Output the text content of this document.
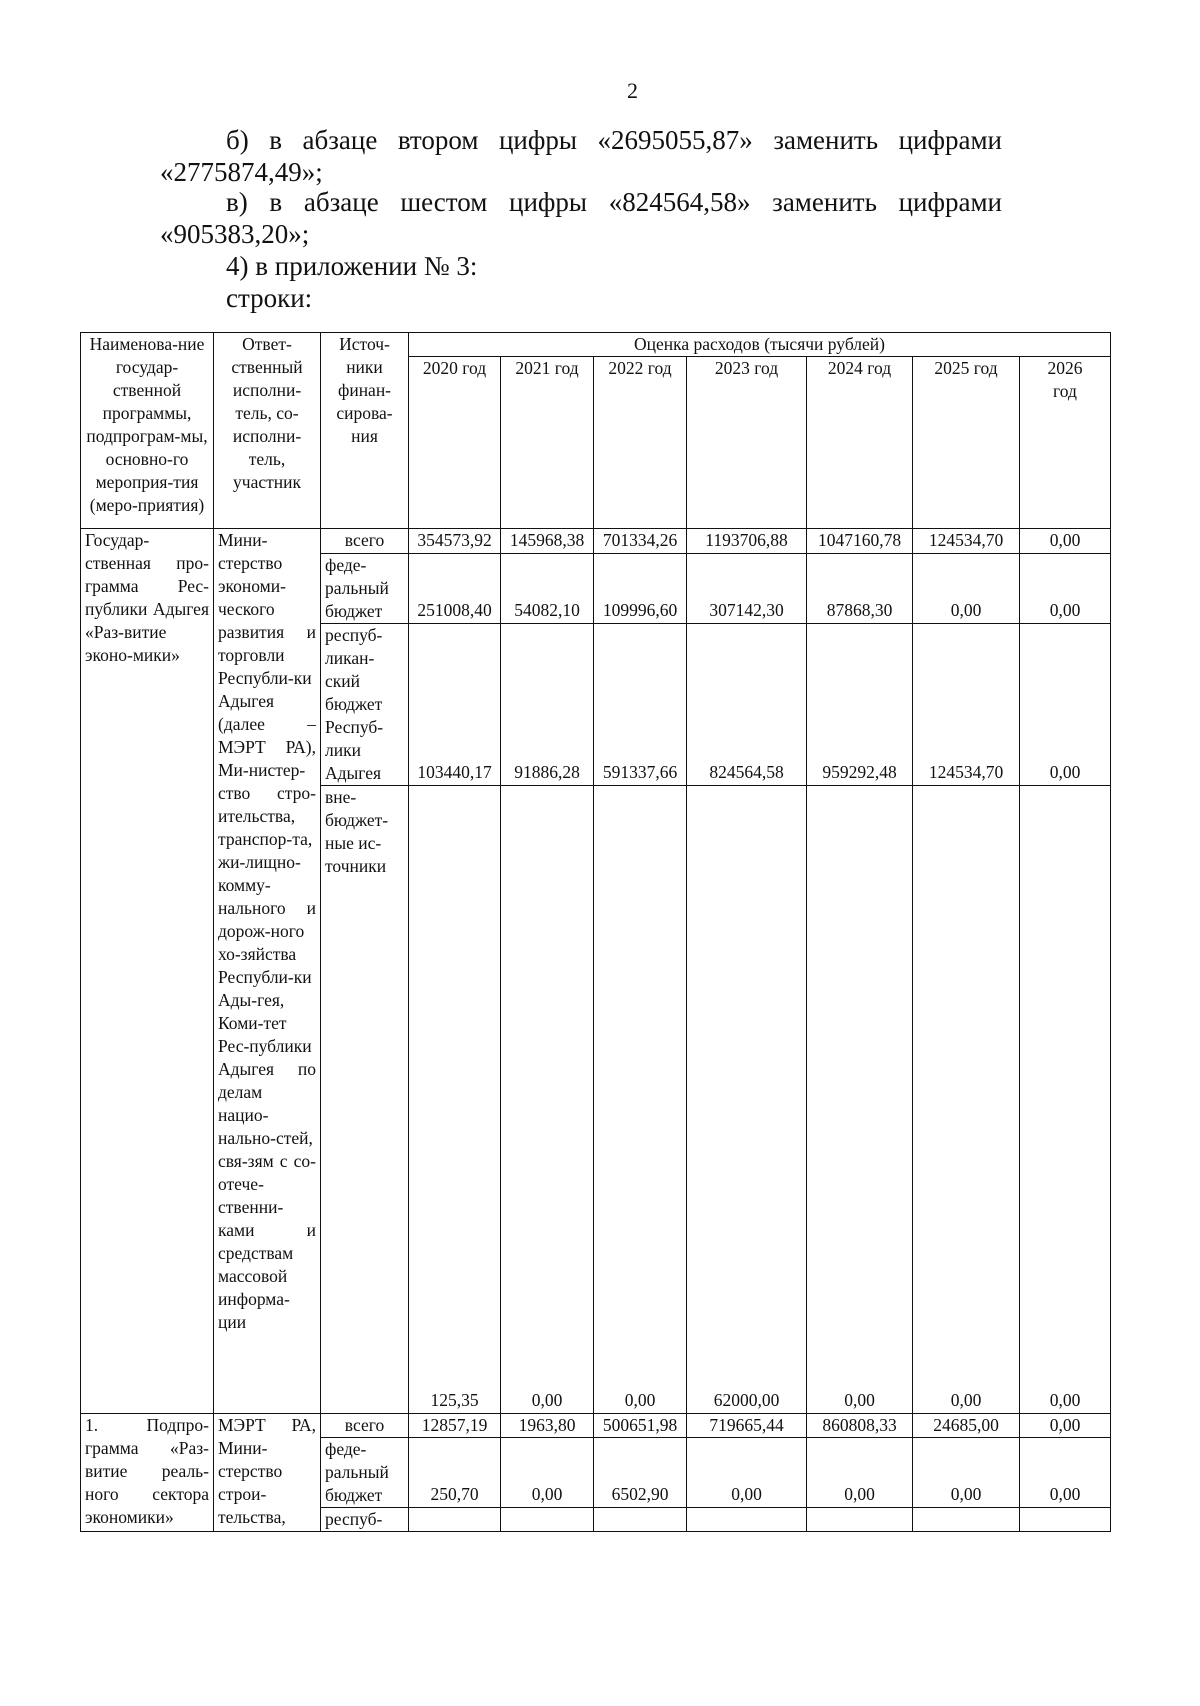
2
б) в абзаце втором цифры «2695055,87» заменить цифрами
«2775874,49»;
в) в абзаце шестом цифры «824564,58» заменить цифрами
«905383,20»;
4) в приложении № 3:
строки:
Наименова-ние государ-ственной программы, подпрограм-мы, основно-го мероприя-тия (меро-приятия)	Ответ-ственный исполни-тель, со-исполни-тель, участник	Источ-ники финан-сирова-ния	Оценка расходов (тысячи рублей)						
			2020 год	2021 год	2022 год	2023 год	2024 год	2025 год	2026 год
Государ-ственная про-грамма Рес-публики Адыгея «Раз-витие эконо-мики»	Мини-стерство экономи-ческого развития и торговли Республи-ки Адыгея (далее – МЭРТ РА), Ми-нистер-ство стро-ительства, транспор-та, жи-лищно-комму-нального и дорож-ного хо-зяйства Республи-ки Ады-гея, Коми-тет Рес-публики Адыгея по делам нацио-нально-стей, свя-зям с со-отече-ственни-ками и средствам массовой информа-ции	всего	354573,92	145968,38	701334,26	1193706,88	1047160,78	124534,70	0,00
		феде-ральный бюджет	251008,40	54082,10	109996,60	307142,30	87868,30	0,00	0,00
		респуб-ликан-ский бюджет Респуб-лики Адыгея	103440,17	91886,28	591337,66	824564,58	959292,48	124534,70	0,00
		вне-бюджет-ные ис-точники	125,35	0,00	0,00	62000,00	0,00	0,00	0,00
1. Подпро-грамма «Раз-витие реаль-ного сектора экономики»	МЭРТ РА, Мини-стерство строи-тельства,	всего	12857,19	1963,80	500651,98	719665,44	860808,33	24685,00	0,00
		феде-ральный бюджет	250,70	0,00	6502,90	0,00	0,00	0,00	0,00
		респуб-							
